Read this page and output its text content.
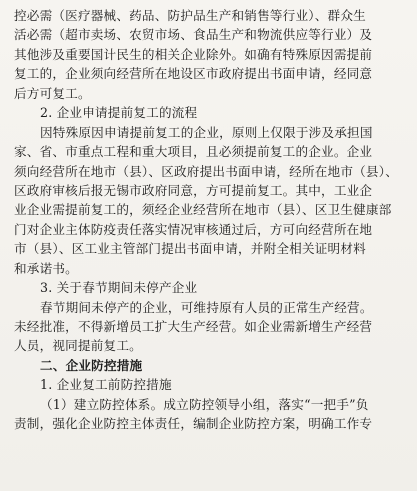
控必需（医疗器械、药品、防护品生产和销售等行业）、群众生
活必需（超市卖场、农贸市场、食品生产和物流供应等行业）及
其他涉及重要国计民生的相关企业除外。如确有特殊原因需提前
复工的，企业须向经营所在地设区市政府提出书面申请，经同意
后方可复工。
2. 企业申请提前复工的流程
因特殊原因申请提前复工的企业，原则上仅限于涉及承担国
家、省、市重点工程和重大项目，且必须提前复工的企业。企业
须向经营所在地市（县）、区政府提出书面申请，经所在地市（县）、
区政府审核后报无锡市政府同意，方可提前复工。其中，工业企
业企业需提前复工的，须经企业经营所在地市（县）、区卫生健康部
门对企业主体防疫责任落实情况审核通过后，方可向经营所在地
市（县）、区工业主管部门提出书面申请，并附全相关证明材料
和承诺书。
3. 关于春节期间未停产企业
春节期间未停产的企业，可维持原有人员的正常生产经营。
未经批准，不得新增员工扩大生产经营。如企业需新增生产经营
人员，视同提前复工。
二、企业防控措施
1. 企业复工前防控措施
（1）建立防控体系。成立防控领导小组，落实“一把手”负
责制，强化企业防控主体责任，编制企业防控方案，明确工作专
